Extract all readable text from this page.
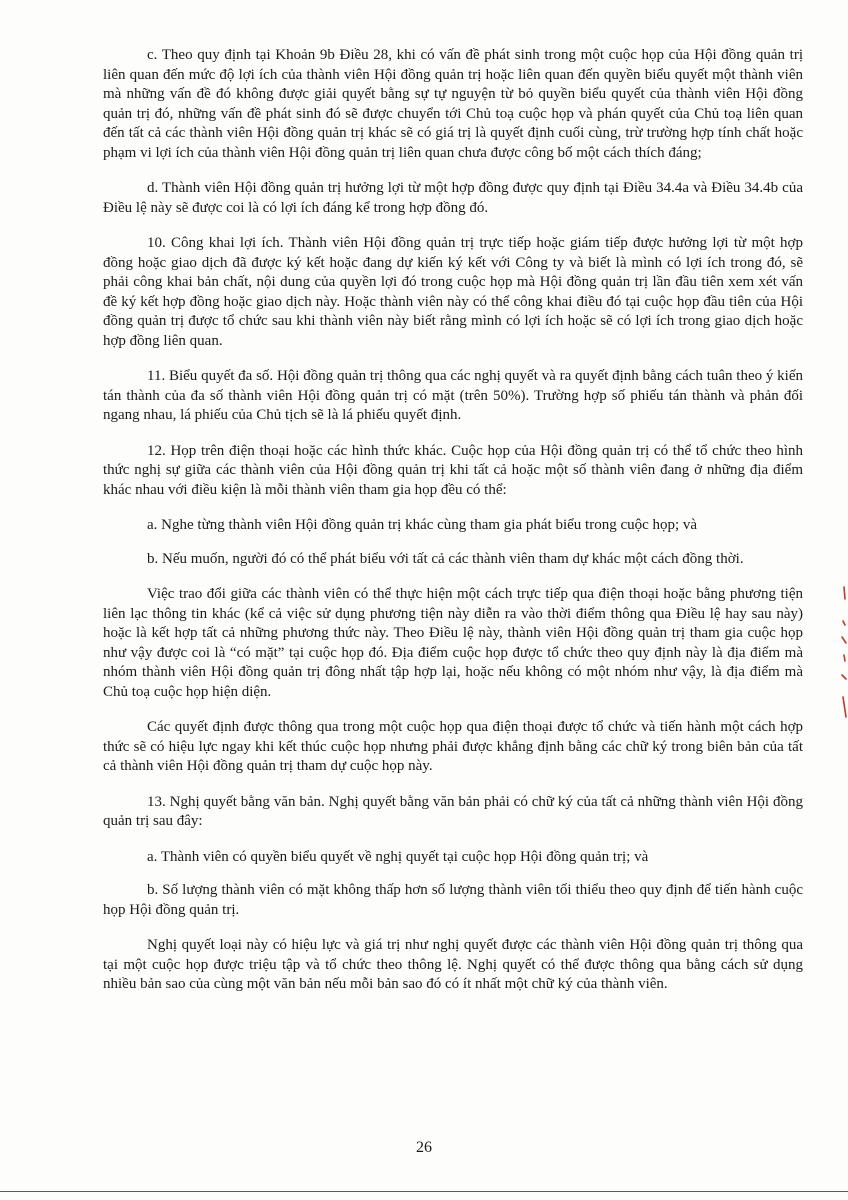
c. Theo quy định tại Khoản 9b Điều 28, khi có vấn đề phát sinh trong một cuộc họp của Hội đồng quản trị liên quan đến mức độ lợi ích của thành viên Hội đồng quản trị hoặc liên quan đến quyền biểu quyết một thành viên mà những vấn đề đó không được giải quyết bằng sự tự nguyện từ bỏ quyền biểu quyết của thành viên Hội đồng quản trị đó, những vấn đề phát sinh đó sẽ được chuyển tới Chủ toạ cuộc họp và phán quyết của Chủ toạ liên quan đến tất cả các thành viên Hội đồng quản trị khác sẽ có giá trị là quyết định cuối cùng, trừ trường hợp tính chất hoặc phạm vi lợi ích của thành viên Hội đồng quản trị liên quan chưa được công bố một cách thích đáng;

d. Thành viên Hội đồng quản trị hưởng lợi từ một hợp đồng được quy định tại Điều 34.4a và Điều 34.4b của Điều lệ này sẽ được coi là có lợi ích đáng kể trong hợp đồng đó.

10. Công khai lợi ích. Thành viên Hội đồng quản trị trực tiếp hoặc giám tiếp được hưởng lợi từ một hợp đồng hoặc giao dịch đã được ký kết hoặc đang dự kiến ký kết với Công ty và biết là mình có lợi ích trong đó, sẽ phải công khai bản chất, nội dung của quyền lợi đó trong cuộc họp mà Hội đồng quản trị lần đầu tiên xem xét vấn đề ký kết hợp đồng hoặc giao dịch này. Hoặc thành viên này có thể công khai điều đó tại cuộc họp đầu tiên của Hội đồng quản trị được tổ chức sau khi thành viên này biết rằng mình có lợi ích hoặc sẽ có lợi ích trong giao dịch hoặc hợp đồng liên quan.

11. Biểu quyết đa số. Hội đồng quản trị thông qua các nghị quyết và ra quyết định bằng cách tuân theo ý kiến tán thành của đa số thành viên Hội đồng quản trị có mặt (trên 50%). Trường hợp số phiếu tán thành và phản đối ngang nhau, lá phiếu của Chủ tịch sẽ là lá phiếu quyết định.

12. Họp trên điện thoại hoặc các hình thức khác. Cuộc họp của Hội đồng quản trị có thể tổ chức theo hình thức nghị sự giữa các thành viên của Hội đồng quản trị khi tất cả hoặc một số thành viên đang ở những địa điểm khác nhau với điều kiện là mỗi thành viên tham gia họp đều có thể:

a. Nghe từng thành viên Hội đồng quản trị khác cùng tham gia phát biểu trong cuộc họp; và

b. Nếu muốn, người đó có thể phát biểu với tất cả các thành viên tham dự khác một cách đồng thời.

Việc trao đổi giữa các thành viên có thể thực hiện một cách trực tiếp qua điện thoại hoặc bằng phương tiện liên lạc thông tin khác (kể cả việc sử dụng phương tiện này diễn ra vào thời điểm thông qua Điều lệ hay sau này) hoặc là kết hợp tất cả những phương thức này. Theo Điều lệ này, thành viên Hội đồng quản trị tham gia cuộc họp như vậy được coi là “có mặt” tại cuộc họp đó. Địa điểm cuộc họp được tổ chức theo quy định này là địa điểm mà nhóm thành viên Hội đồng quản trị đông nhất tập hợp lại, hoặc nếu không có một nhóm như vậy, là địa điểm mà Chủ toạ cuộc họp hiện diện.

Các quyết định được thông qua trong một cuộc họp qua điện thoại được tổ chức và tiến hành một cách hợp thức sẽ có hiệu lực ngay khi kết thúc cuộc họp nhưng phải được khẳng định bằng các chữ ký trong biên bản của tất cả thành viên Hội đồng quản trị tham dự cuộc họp này.

13. Nghị quyết bằng văn bản. Nghị quyết bằng văn bản phải có chữ ký của tất cả những thành viên Hội đồng quản trị sau đây:

a. Thành viên có quyền biểu quyết về nghị quyết tại cuộc họp Hội đồng quản trị; và

b. Số lượng thành viên có mặt không thấp hơn số lượng thành viên tối thiểu theo quy định để tiến hành cuộc họp Hội đồng quản trị.

Nghị quyết loại này có hiệu lực và giá trị như nghị quyết được các thành viên Hội đồng quản trị thông qua tại một cuộc họp được triệu tập và tổ chức theo thông lệ. Nghị quyết có thể được thông qua bằng cách sử dụng nhiều bản sao của cùng một văn bản nếu mỗi bản sao đó có ít nhất một chữ ký của thành viên.

26
